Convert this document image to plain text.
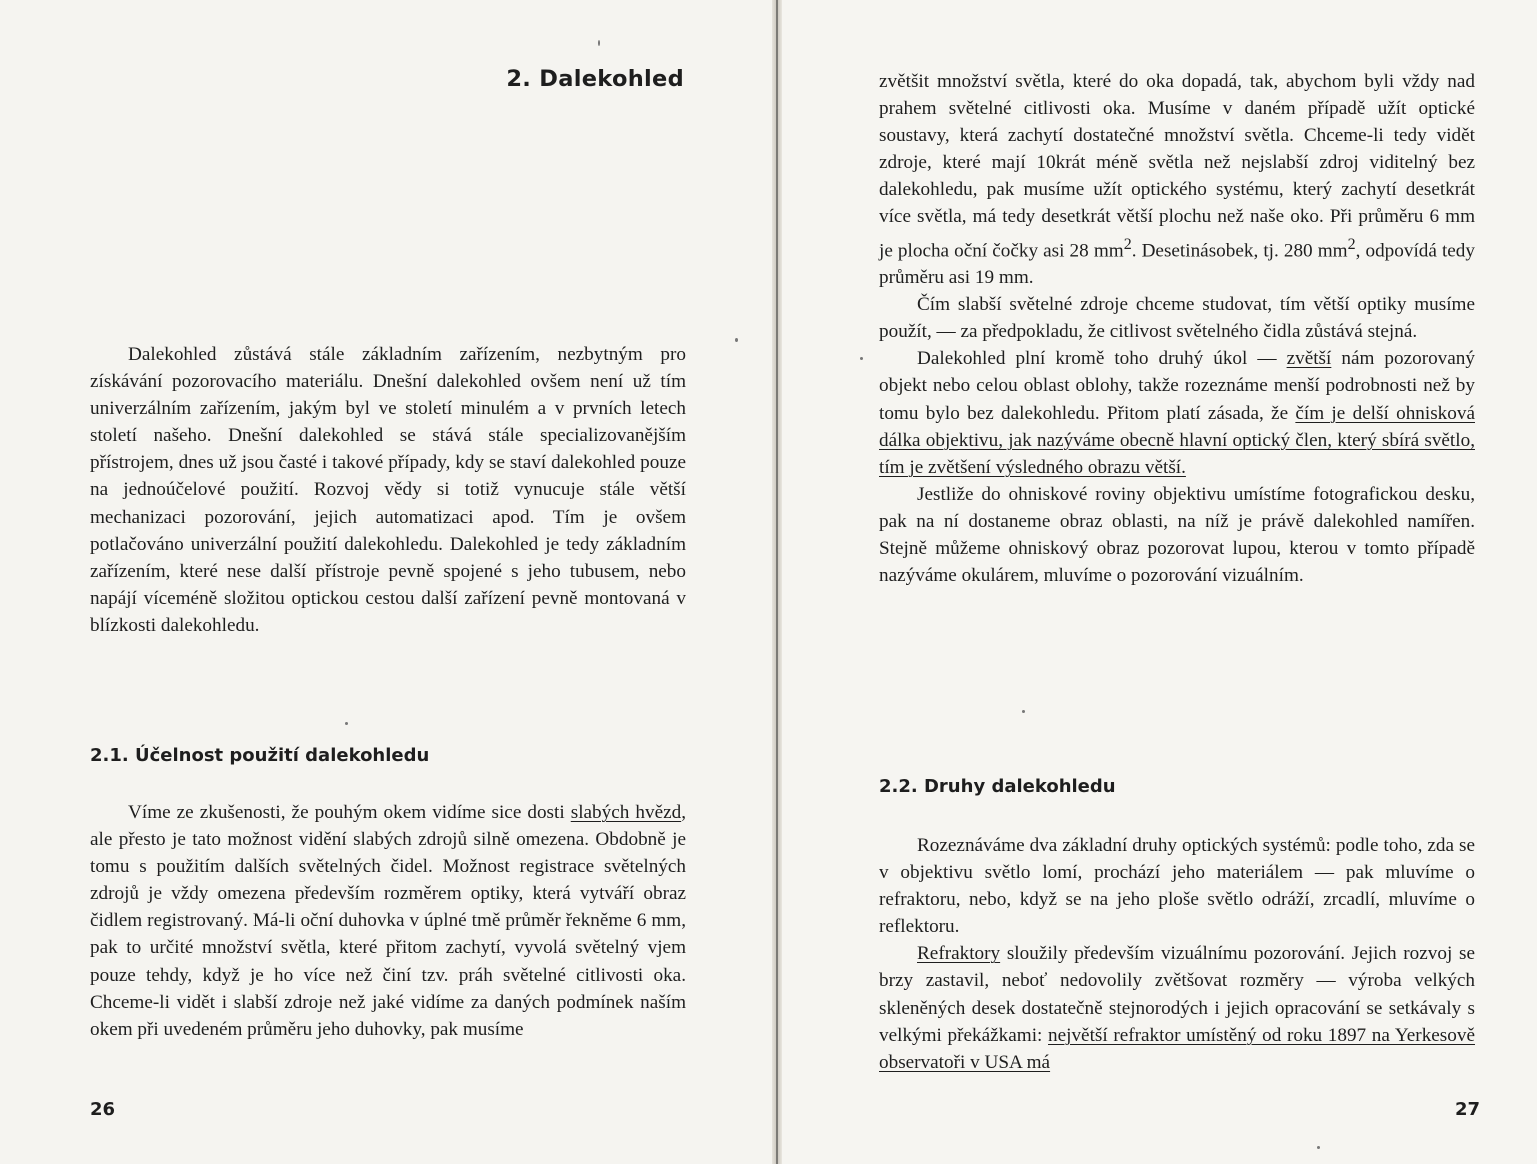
2. Dalekohled

Dalekohled zůstává stále základním zařízením, nezbytným pro získávání pozorovacího materiálu. Dnešní dalekohled ovšem není už tím univerzálním zařízením, jakým byl ve století minulém a v prvních letech století našeho. Dnešní dalekohled se stává stále specializovanějším přístrojem, dnes už jsou časté i takové případy, kdy se staví dalekohled pouze na jednoúčelové použití. Rozvoj vědy si totiž vynucuje stále větší mechanizaci pozorování, jejich automatizaci apod. Tím je ovšem potlačováno univerzální použití dalekohledu. Dalekohled je tedy základním zařízením, které nese další přístroje pevně spojené s jeho tubusem, nebo napájí víceméně složitou optickou cestou další zařízení pevně montovaná v blízkosti dalekohledu.

2.1. Účelnost použití dalekohledu

Víme ze zkušenosti, že pouhým okem vidíme sice dosti slabých hvězd, ale přesto je tato možnost vidění slabých zdrojů silně omezena. Obdobně je tomu s použitím dalších světelných čidel. Možnost registrace světelných zdrojů je vždy omezena především rozměrem optiky, která vytváří obraz čidlem registrovaný. Má-li oční duhovka v úplné tmě průměr řekněme 6 mm, pak to určité množství světla, které přitom zachytí, vyvolá světelný vjem pouze tehdy, když je ho více než činí tzv. práh světelné citlivosti oka. Chceme-li vidět i slabší zdroje než jaké vidíme za daných podmínek naším okem při uvedeném průměru jeho duhovky, pak musíme

26

zvětšit množství světla, které do oka dopadá, tak, abychom byli vždy nad prahem světelné citlivosti oka. Musíme v daném případě užít optické soustavy, která zachytí dostatečné množství světla. Chceme-li tedy vidět zdroje, které mají 10krát méně světla než nejslabší zdroj viditelný bez dalekohledu, pak musíme užít optického systému, který zachytí desetkrát více světla, má tedy desetkrát větší plochu než naše oko. Při průměru 6 mm je plocha oční čočky asi 28 $mm^2$. Desetinásobek, tj. 280 $mm^2$, odpovídá tedy průměru asi 19 mm.

Čím slabší světelné zdroje chceme studovat, tím větší optiky musíme použít, — za předpokladu, že citlivost světelného čidla zůstává stejná.

Dalekohled plní kromě toho druhý úkol — zvětší nám pozorovaný objekt nebo celou oblast oblohy, takže rozeznáme menší podrobnosti než by tomu bylo bez dalekohledu. Přitom platí zásada, že čím je delší ohnisková dálka objektivu, jak nazýváme obecně hlavní optický člen, který sbírá světlo, tím je zvětšení výsledného obrazu větší.

Jestliže do ohniskové roviny objektivu umístíme fotografickou desku, pak na ní dostaneme obraz oblasti, na níž je právě dalekohled namířen. Stejně můžeme ohniskový obraz pozorovat lupou, kterou v tomto případě nazýváme okulárem, mluvíme o pozorování vizuálním.

2.2. Druhy dalekohledu

Rozeznáváme dva základní druhy optických systémů: podle toho, zda se v objektivu světlo lomí, prochází jeho materiálem — pak mluvíme o refraktoru, nebo, když se na jeho ploše světlo odráží, zrcadlí, mluvíme o reflektoru.

Refraktory sloužily především vizuálnímu pozorování. Jejich rozvoj se brzy zastavil, neboť nedovolily zvětšovat rozměry — výroba velkých skleněných desek dostatečně stejnorodých i jejich opracování se setkávaly s velkými překážkami: největší refraktor umístěný od roku 1897 na Yerkesově observatoři v USA má

27
